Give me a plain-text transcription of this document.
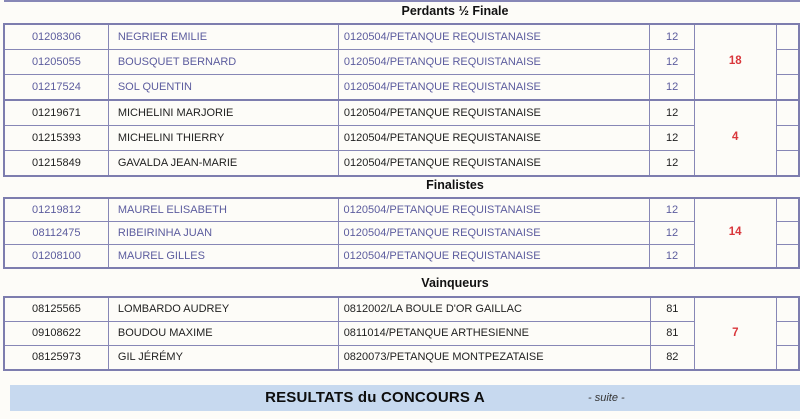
Perdants ½ Finale
01208306	NEGRIER EMILIE	0120504/PETANQUE REQUISTANAISE	12	18	
01205055	BOUSQUET BERNARD	0120504/PETANQUE REQUISTANAISE	12		
01217524	SOL QUENTIN	0120504/PETANQUE REQUISTANAISE	12		
01219671	MICHELINI MARJORIE	0120504/PETANQUE REQUISTANAISE	12	4	
01215393	MICHELINI THIERRY	0120504/PETANQUE REQUISTANAISE	12		
01215849	GAVALDA JEAN-MARIE	0120504/PETANQUE REQUISTANAISE	12		
Finalistes
01219812	MAUREL ELISABETH	0120504/PETANQUE REQUISTANAISE	12	14	
08112475	RIBEIRINHA JUAN	0120504/PETANQUE REQUISTANAISE	12		
01208100	MAUREL GILLES	0120504/PETANQUE REQUISTANAISE	12		
Vainqueurs
08125565	LOMBARDO AUDREY	0812002/LA BOULE D'OR GAILLAC	81	7	
09108622	BOUDOU MAXIME	0811014/PETANQUE ARTHESIENNE	81		
08125973	GIL JÉRÉMY	0820073/PETANQUE MONTPEZATAISE	82		
RESULTATS du CONCOURS A	- suite -
